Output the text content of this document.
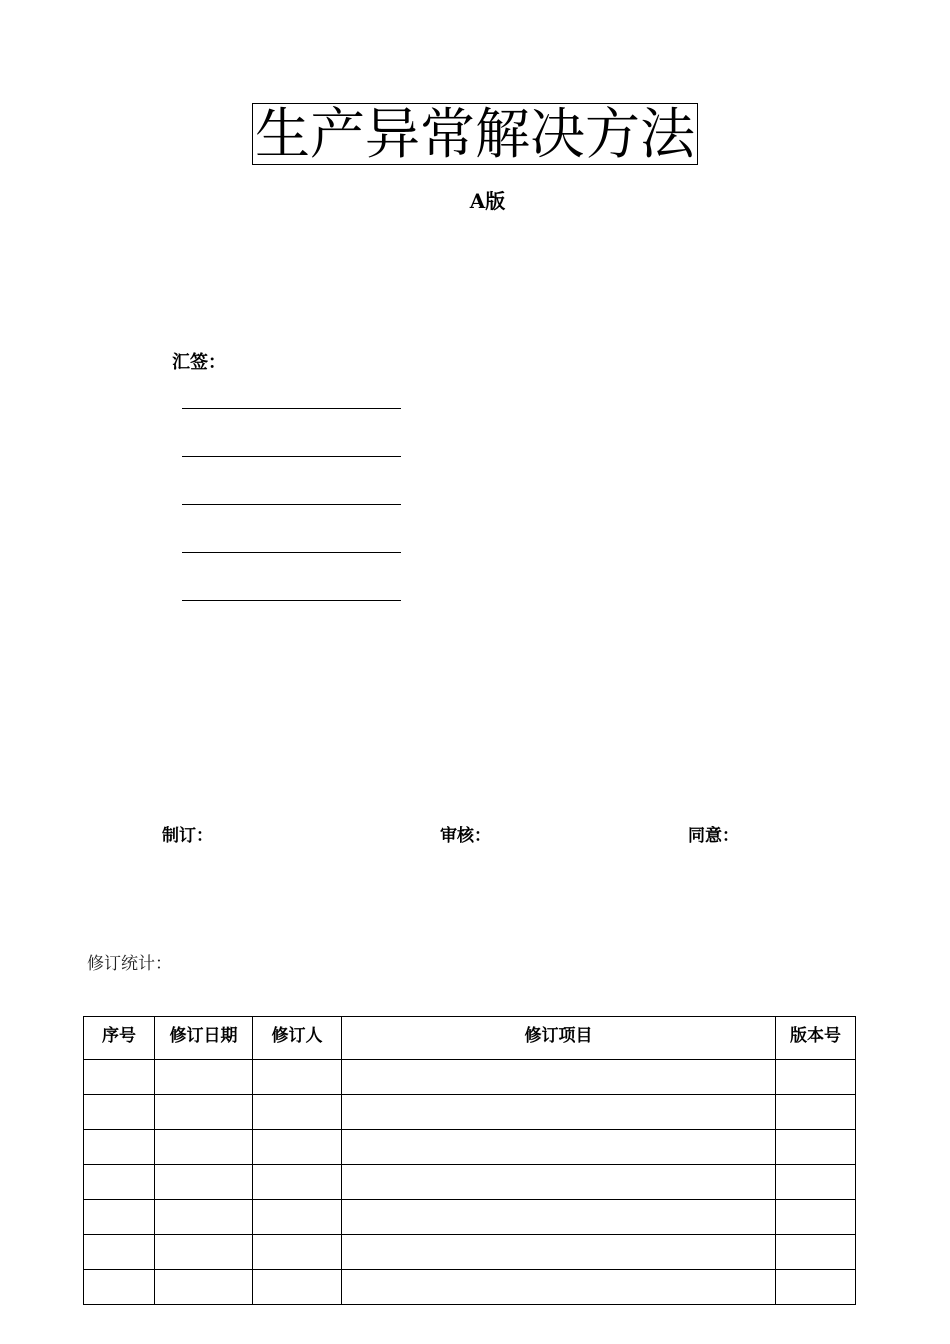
生产异常解决方法
A版
汇签：
制订：	审核：	同意：
修订统计：
序号	修订日期	修订人	修订项目	版本号
